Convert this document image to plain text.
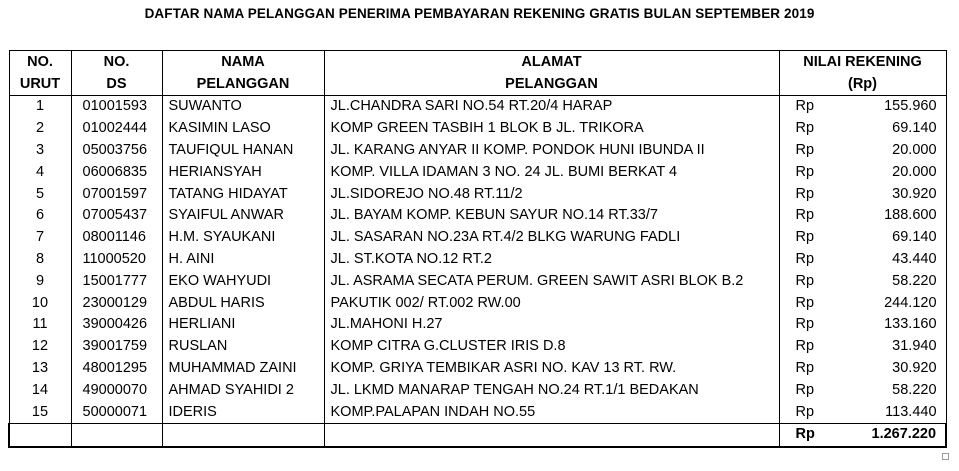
DAFTAR NAMA PELANGGAN PENERIMA PEMBAYARAN REKENING GRATIS BULAN SEPTEMBER 2019
NO.	NO.	NAMA	ALAMAT	NILAI REKENING	
URUT	DS	PELANGGAN	PELANGGAN	(Rp)	
1	01001593	SUWANTO	JL.CHANDRA SARI NO.54 RT.20/4 HARAP	Rp	155.960
2	01002444	KASIMIN LASO	KOMP GREEN TASBIH 1 BLOK B JL. TRIKORA	Rp	69.140
3	05003756	TAUFIQUL HANAN	JL. KARANG ANYAR II KOMP. PONDOK HUNI IBUNDA II	Rp	20.000
4	06006835	HERIANSYAH	KOMP. VILLA IDAMAN 3 NO. 24 JL. BUMI BERKAT 4	Rp	20.000
5	07001597	TATANG HIDAYAT	JL.SIDOREJO NO.48 RT.11/2	Rp	30.920
6	07005437	SYAIFUL ANWAR	JL. BAYAM KOMP. KEBUN SAYUR NO.14 RT.33/7	Rp	188.600
7	08001146	H.M. SYAUKANI	JL. SASARAN NO.23A RT.4/2 BLKG WARUNG FADLI	Rp	69.140
8	11000520	H. AINI	JL. ST.KOTA NO.12 RT.2	Rp	43.440
9	15001777	EKO WAHYUDI	JL. ASRAMA SECATA PERUM. GREEN SAWIT ASRI BLOK B.2	Rp	58.220
10	23000129	ABDUL HARIS	PAKUTIK 002/ RT.002 RW.00	Rp	244.120
11	39000426	HERLIANI	JL.MAHONI H.27	Rp	133.160
12	39001759	RUSLAN	KOMP CITRA G.CLUSTER IRIS D.8	Rp	31.940
13	48001295	MUHAMMAD ZAINI	KOMP. GRIYA TEMBIKAR ASRI NO. KAV 13 RT. RW.	Rp	30.920
14	49000070	AHMAD SYAHIDI 2	JL. LKMD MANARAP TENGAH NO.24 RT.1/1 BEDAKAN	Rp	58.220
15	50000071	IDERIS	KOMP.PALAPAN INDAH NO.55	Rp	113.440
				Rp	1.267.220
